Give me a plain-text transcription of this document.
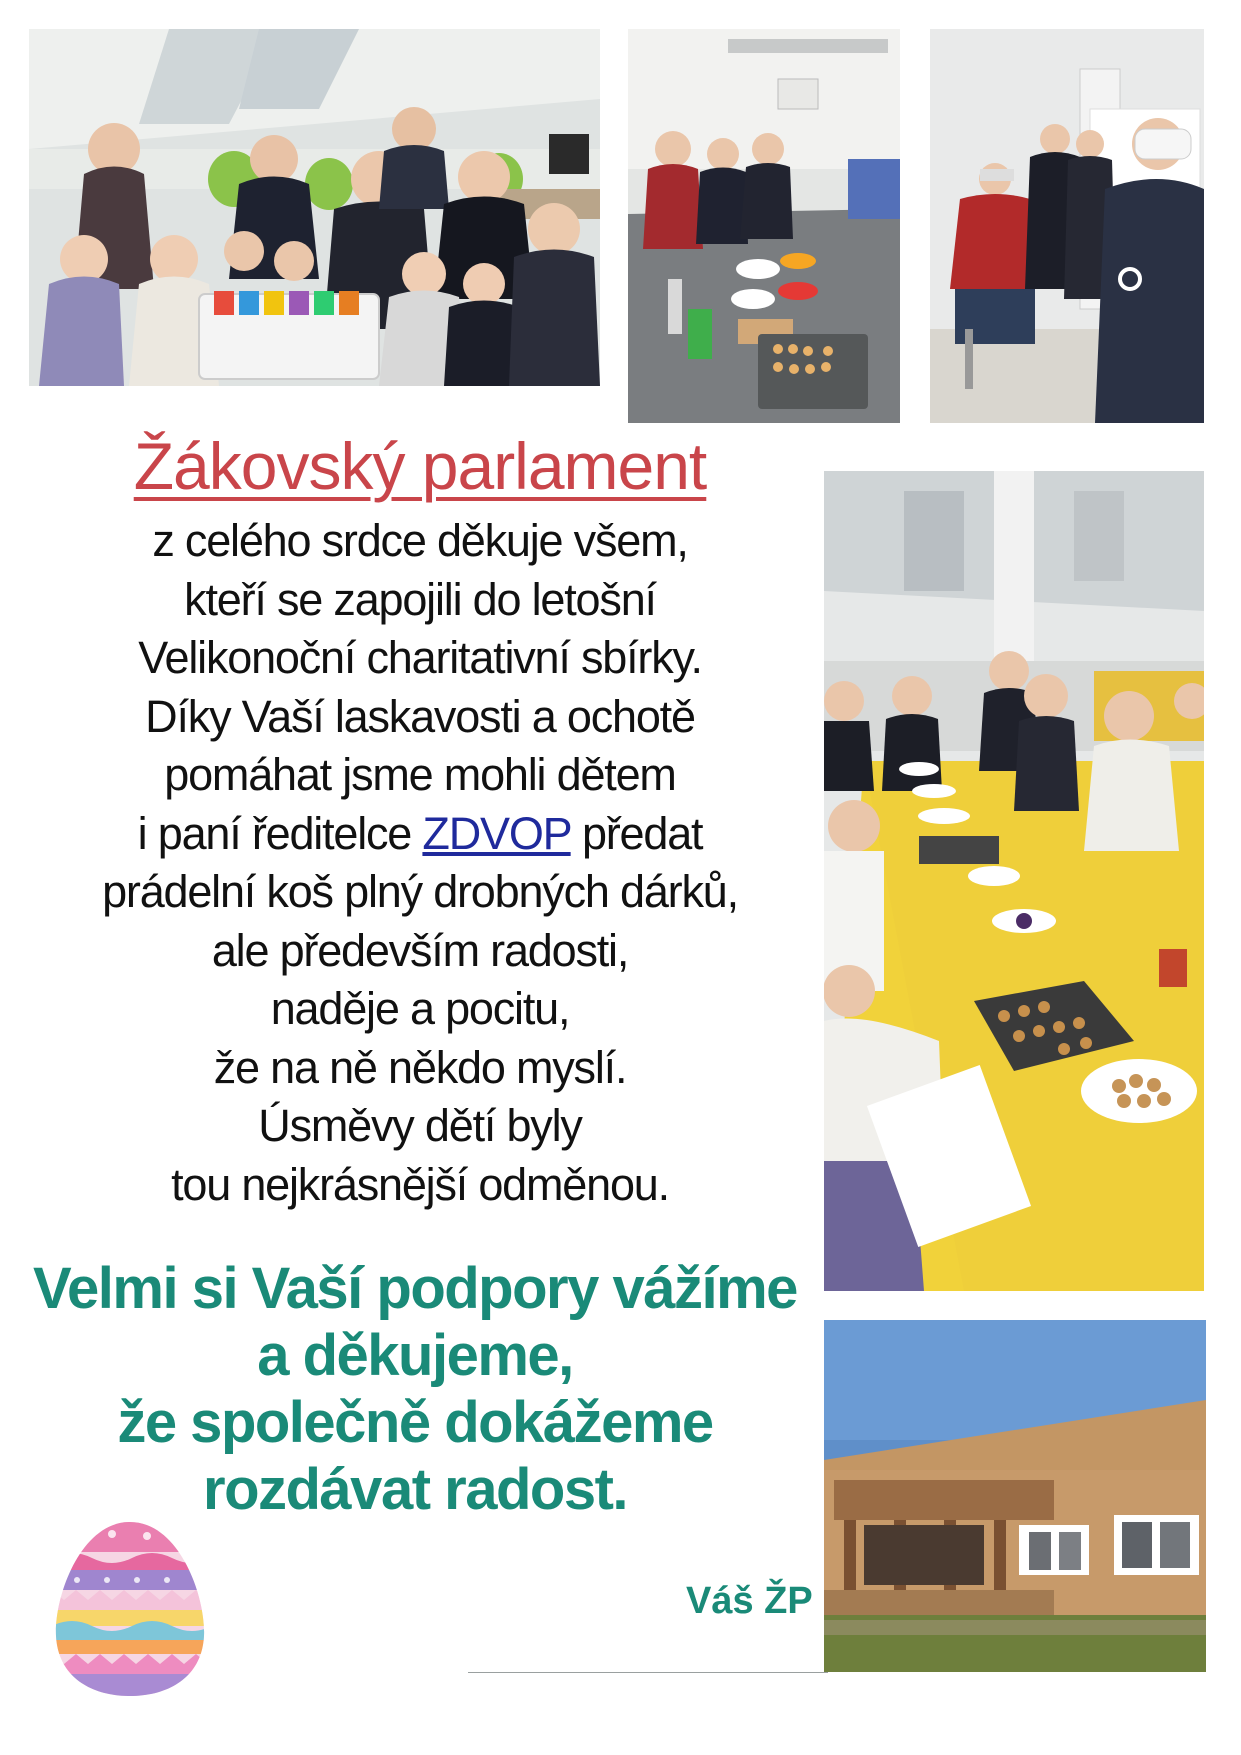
Žákovský parlament
z celého srdce děkuje všem,
kteří se zapojili do letošní
Velikonoční charitativní sbírky.
Díky Vaší laskavosti a ochotě
pomáhat jsme mohli dětem
i paní ředitelce ZDVOP předat
prádelní koš plný drobných dárků,
ale především radosti,
naděje a pocitu,
že na ně někdo myslí.
Úsměvy dětí byly
tou nejkrásnější odměnou.
Velmi si Vaší podpory vážíme
a děkujeme,
že společně dokážeme
rozdávat radost.
Váš ŽP
